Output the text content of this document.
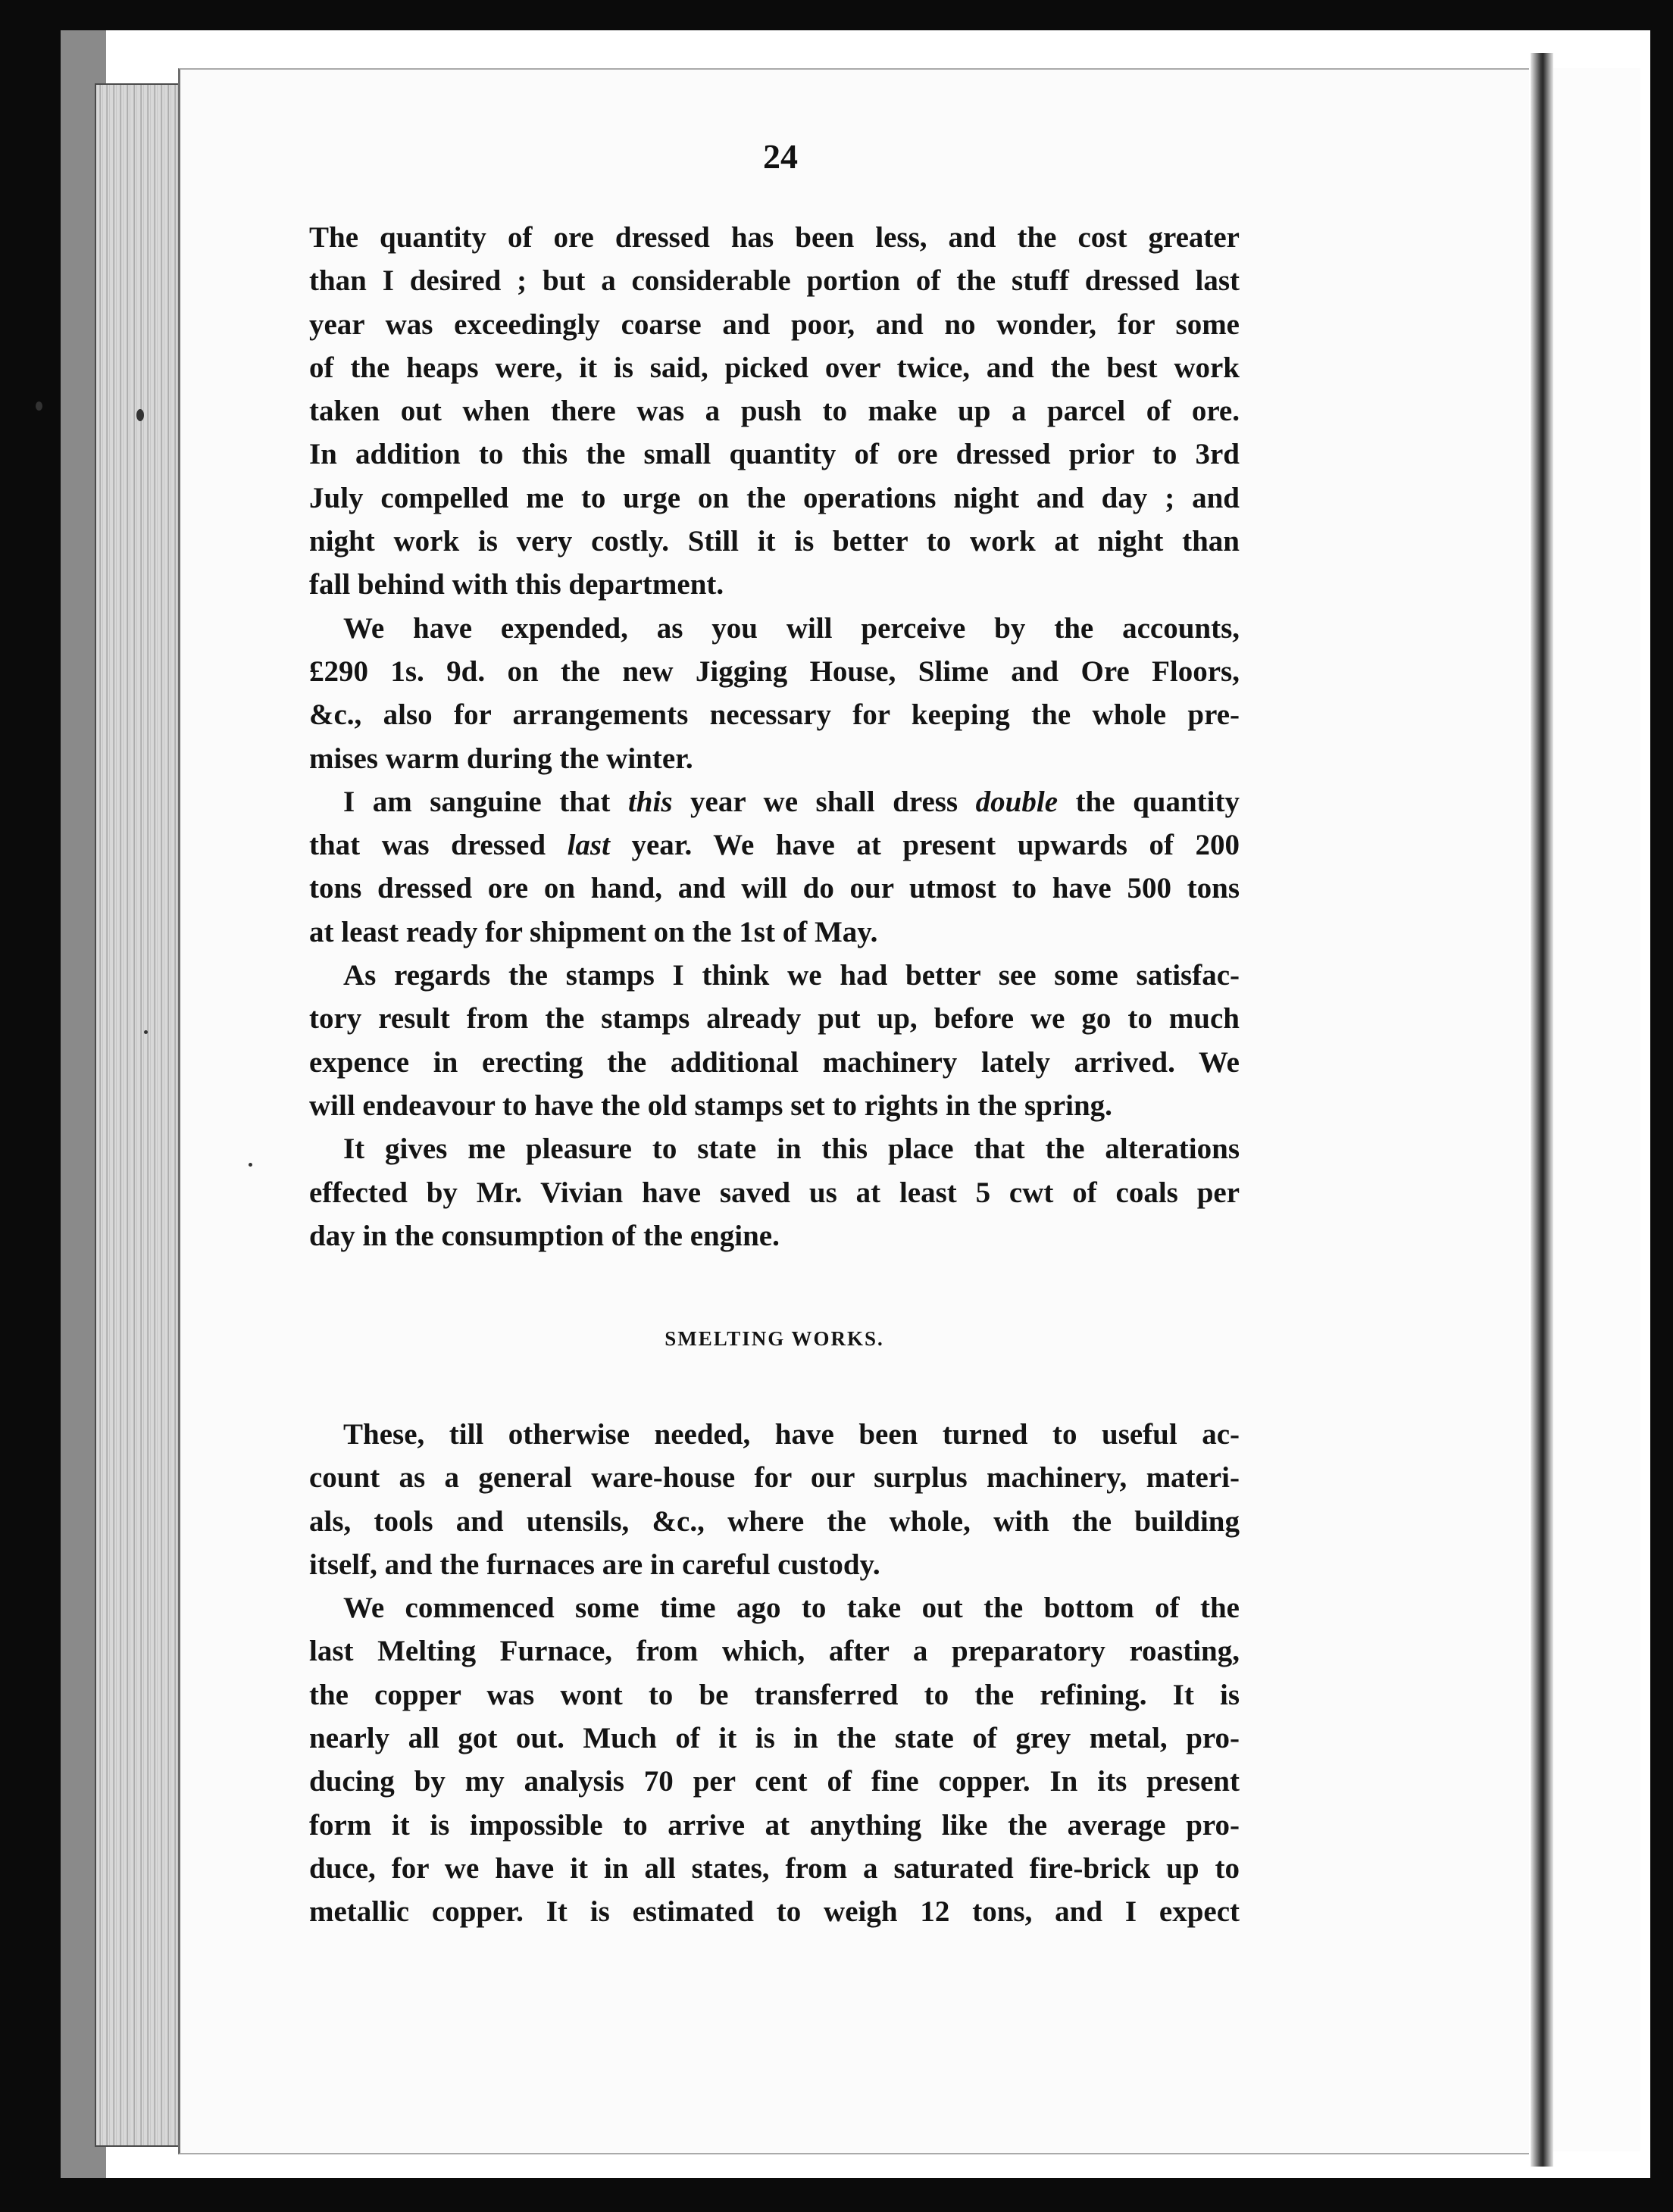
24
The quantity of ore dressed has been less, and the cost greater
than I desired ; but a considerable portion of the stuff dressed last
year was exceedingly coarse and poor, and no wonder, for some
of the heaps were, it is said, picked over twice, and the best work
taken out when there was a push to make up a parcel of ore.
In addition to this the small quantity of ore dressed prior to 3rd
July compelled me to urge on the operations night and day ; and
night work is very costly. Still it is better to work at night than
fall behind with this department.
We have expended, as you will perceive by the accounts,
£290 1s. 9d. on the new Jigging House, Slime and Ore Floors,
&c., also for arrangements necessary for keeping the whole pre-
mises warm during the winter.
I am sanguine that this year we shall dress double the quantity
that was dressed last year. We have at present upwards of 200
tons dressed ore on hand, and will do our utmost to have 500 tons
at least ready for shipment on the 1st of May.
As regards the stamps I think we had better see some satisfac-
tory result from the stamps already put up, before we go to much
expence in erecting the additional machinery lately arrived. We
will endeavour to have the old stamps set to rights in the spring.
It gives me pleasure to state in this place that the alterations
effected by Mr. Vivian have saved us at least 5 cwt of coals per
day in the consumption of the engine.
SMELTING WORKS.
These, till otherwise needed, have been turned to useful ac-
count as a general ware-house for our surplus machinery, materi-
als, tools and utensils, &c., where the whole, with the building
itself, and the furnaces are in careful custody.
We commenced some time ago to take out the bottom of the
last Melting Furnace, from which, after a preparatory roasting,
the copper was wont to be transferred to the refining. It is
nearly all got out. Much of it is in the state of grey metal, pro-
ducing by my analysis 70 per cent of fine copper. In its present
form it is impossible to arrive at anything like the average pro-
duce, for we have it in all states, from a saturated fire-brick up to
metallic copper. It is estimated to weigh 12 tons, and I expect
